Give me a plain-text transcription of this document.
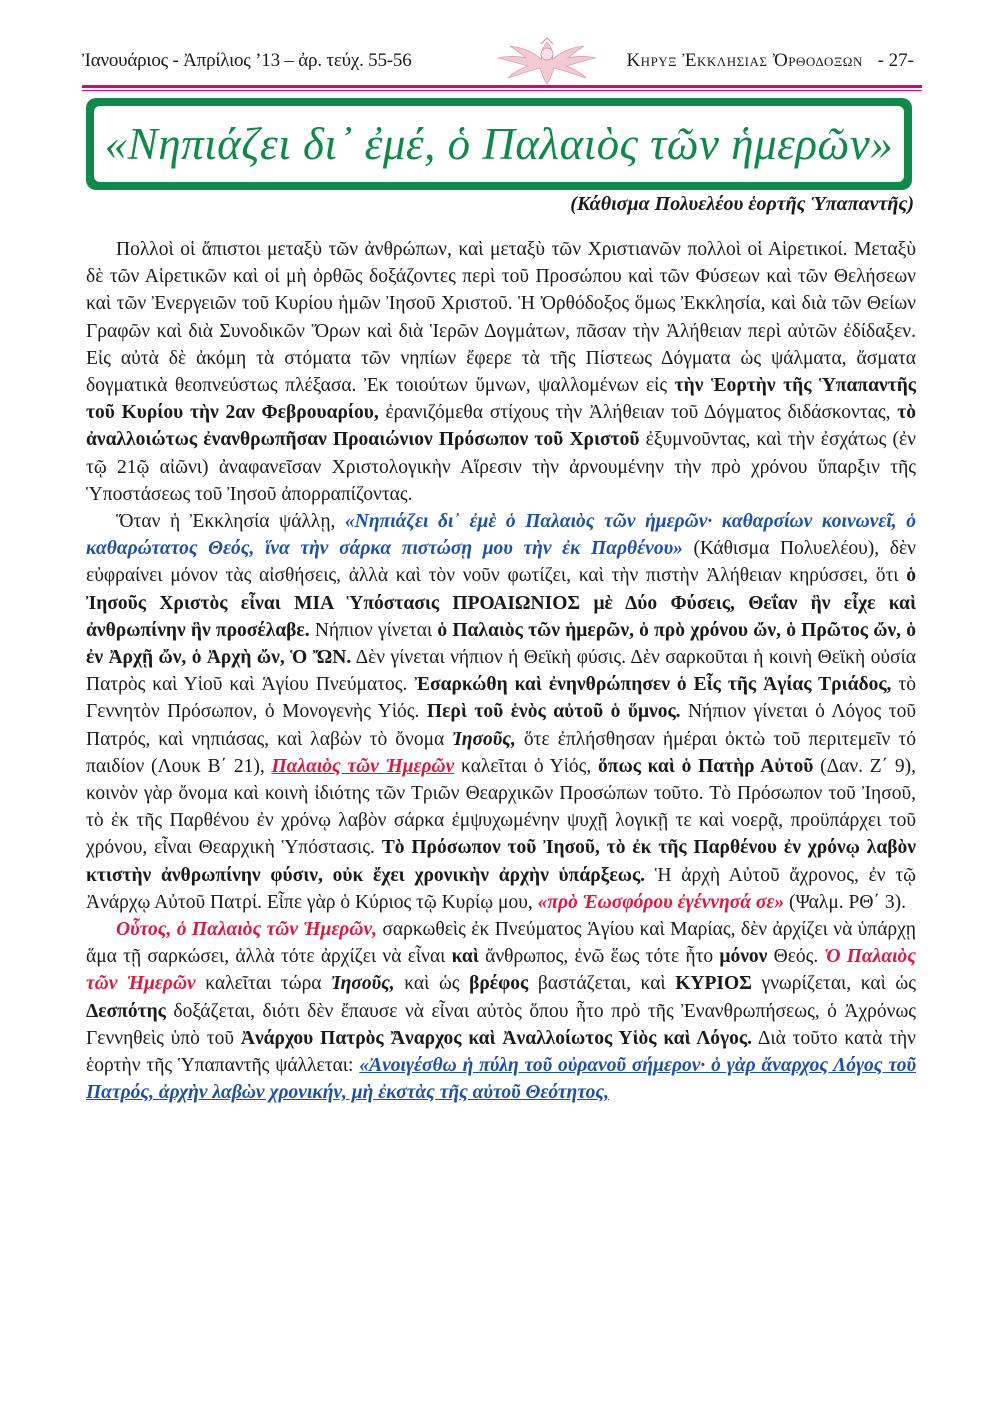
Ἰανουάριος - Ἀπρίλιος ’13 – ἀρ. τεύχ. 55-56	Κηρυξ Ἐκκλησιας Ὀρθοδοξων - 27-
«Νηπιάζει δι᾽ ἐμέ, ὁ Παλαιὸς τῶν ἡμερῶν»
(Κάθισμα Πολυελέου ἑορτῆς Ὑπαπαντῆς)

Πολλοὶ οἱ ἄπιστοι μεταξὺ τῶν ἀνθρώπων, καὶ μεταξὺ τῶν Χριστιανῶν πολλοὶ οἱ Αἱρετικοί. Μεταξὺ δὲ τῶν Αἱρετικῶν καὶ οἱ μὴ ὀρθῶς δοξάζοντες περὶ τοῦ Προσώπου καὶ τῶν Φύσεων καὶ τῶν Θελήσεων καὶ τῶν Ἐνεργειῶν τοῦ Κυρίου ἡμῶν Ἰησοῦ Χριστοῦ. Ἡ Ὀρθόδοξος ὅμως Ἐκκλησία, καὶ διὰ τῶν Θείων Γραφῶν καὶ διὰ Συνοδικῶν Ὅρων καὶ διὰ Ἱερῶν Δογμάτων, πᾶσαν τὴν Ἀλήθειαν περὶ αὐτῶν ἐδίδαξεν. Εἰς αὐτὰ δὲ ἀκόμη τὰ στόματα τῶν νηπίων ἔφερε τὰ τῆς Πίστεως Δόγματα ὡς ψάλματα, ἄσματα δογματικὰ θεοπνεύστως πλέξασα. Ἐκ τοιούτων ὕμνων, ψαλλομένων εἰς τὴν Ἑορτὴν τῆς Ὑπαπαντῆς τοῦ Κυρίου τὴν 2αν Φεβρουαρίου, ἐρανιζόμεθα στίχους τὴν Ἀλήθειαν τοῦ Δόγματος διδάσκοντας, τὸ ἀναλλοιώτως ἐνανθρωπῆσαν Προαιώνιον Πρόσωπον τοῦ Χριστοῦ ἐξυμνοῦντας, καὶ τὴν ἐσχάτως (ἐν τῷ 21ῷ αἰῶνι) ἀναφανεῖσαν Χριστολογικὴν Αἵρεσιν τὴν ἀρνουμένην τὴν πρὸ χρόνου ὕπαρξιν τῆς Ὑποστάσεως τοῦ Ἰησοῦ ἀπορραπίζοντας.

Ὅταν ἡ Ἐκκλησία ψάλλῃ, «Νηπιάζει δι᾽ ἐμὲ ὁ Παλαιὸς τῶν ἡμερῶν· καθαρσίων κοινωνεῖ, ὁ καθαρώτατος Θεός, ἵνα τὴν σάρκα πιστώσῃ μου τὴν ἐκ Παρθένου» (Κάθισμα Πολυελέου), δὲν εὐφραίνει μόνον τὰς αἰσθήσεις, ἀλλὰ καὶ τὸν νοῦν φωτίζει, καὶ τὴν πιστὴν Ἀλήθειαν κηρύσσει, ὅτι ὁ Ἰησοῦς Χριστὸς εἶναι ΜΙΑ Ὑπόστασις ΠΡΟΑΙΩΝΙΟΣ μὲ Δύο Φύσεις, Θεΐαν ἣν εἶχε καὶ ἀνθρωπίνην ἣν προσέλαβε. Νήπιον γίνεται ὁ Παλαιὸς τῶν ἡμερῶν, ὁ πρὸ χρόνου ὤν, ὁ Πρῶτος ὤν, ὁ ἐν Ἀρχῇ ὤν, ὁ Ἀρχὴ ὤν, Ὁ ὬΝ. Δὲν γίνεται νήπιον ἡ Θεϊκὴ φύσις. Δὲν σαρκοῦται ἡ κοινὴ Θεϊκὴ οὐσία Πατρὸς καὶ Υἱοῦ καὶ Ἁγίου Πνεύματος. Ἐσαρκώθη καὶ ἐνηνθρώπησεν ὁ Εἷς τῆς Ἁγίας Τριάδος, τὸ Γεννητὸν Πρόσωπον, ὁ Μονογενὴς Υἱός. Περὶ τοῦ ἑνὸς αὐτοῦ ὁ ὕμνος. Νήπιον γίνεται ὁ Λόγος τοῦ Πατρός, καὶ νηπιάσας, καὶ λαβὼν τὸ ὄνομα Ἰησοῦς, ὅτε ἐπλήσθησαν ἡμέραι ὀκτὼ τοῦ περιτεμεῖν τό παιδίον (Λουκ Β΄ 21), Παλαιὸς τῶν Ἡμερῶν καλεῖται ὁ Υἱός, ὅπως καὶ ὁ Πατὴρ Αὐτοῦ (Δαν. Ζ΄ 9), κοινὸν γὰρ ὄνομα καὶ κοινὴ ἰδιότης τῶν Τριῶν Θεαρχικῶν Προσώπων τοῦτο. Τὸ Πρόσωπον τοῦ Ἰησοῦ, τὸ ἐκ τῆς Παρθένου ἐν χρόνῳ λαβὸν σάρκα ἐμψυχωμένην ψυχῇ λογικῇ τε καὶ νοερᾷ, προϋπάρχει τοῦ χρόνου, εἶναι Θεαρχικὴ Ὑπόστασις. Τὸ Πρόσωπον τοῦ Ἰησοῦ, τὸ ἐκ τῆς Παρθένου ἐν χρόνῳ λαβὸν κτιστὴν ἀνθρωπίνην φύσιν, οὐκ ἔχει χρονικὴν ἀρχὴν ὑπάρξεως. Ἡ ἀρχὴ Αὐτοῦ ἄχρονος, ἐν τῷ Ἀνάρχῳ Αὐτοῦ Πατρί. Εἶπε γὰρ ὁ Κύριος τῷ Κυρίῳ μου, «πρὸ Ἑωσφόρου ἐγέννησά σε» (Ψαλμ. ΡΘ΄ 3).

Οὗτος, ὁ Παλαιὸς τῶν Ἡμερῶν, σαρκωθεὶς ἐκ Πνεύματος Ἁγίου καὶ Μαρίας, δὲν ἀρχίζει νὰ ὑπάρχῃ ἅμα τῇ σαρκώσει, ἀλλὰ τότε ἀρχίζει νὰ εἶναι καὶ ἄνθρωπος, ἐνῶ ἕως τότε ἦτο μόνον Θεός. Ὁ Παλαιὸς τῶν Ἡμερῶν καλεῖται τώρα Ἰησοῦς, καὶ ὡς βρέφος βαστάζεται, καὶ ΚΥΡΙΟΣ γνωρίζεται, καὶ ὡς Δεσπότης δοξάζεται, διότι δὲν ἔπαυσε νὰ εἶναι αὐτὸς ὅπου ἦτο πρὸ τῆς Ἐνανθρωπήσεως, ὁ Ἀχρόνως Γεννηθεὶς ὑπὸ τοῦ Ἀνάρχου Πατρὸς Ἄναρχος καὶ Ἀναλλοίωτος Υἱὸς καὶ Λόγος. Διὰ τοῦτο κατὰ τὴν ἑορτὴν τῆς Ὑπαπαντῆς ψάλλεται: «Ἀνοιγέσθω ἡ πύλη τοῦ οὐρανοῦ σήμερον· ὁ γὰρ ἄναρχος Λόγος τοῦ Πατρός, ἀρχὴν λαβὼν χρονικήν, μὴ ἐκστὰς τῆς αὐτοῦ Θεότητος,
